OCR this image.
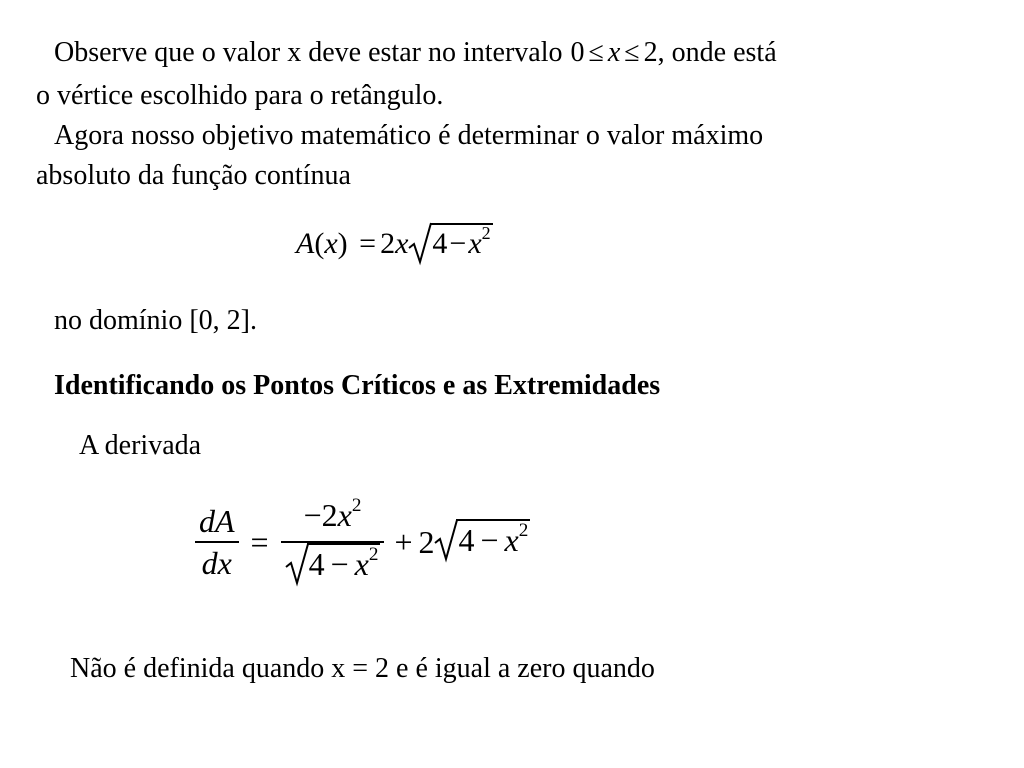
Observe que o valor x deve estar no intervalo 0 ≤ x ≤ 2, onde está
o vértice escolhido para o retângulo.
Agora nosso objetivo matemático é determinar o valor máximo
absoluto da função contínua
A(x) = 2x $4-x^2$
no domínio [0, 2].
Identificando os Pontos Críticos e as Extremidades
A derivada
$\frac{dA}{dx} = \frac{-2x^2}{4 - x^2} + 2$ $4 - x^2$
Não é definida quando x = 2 e é igual a zero quando
